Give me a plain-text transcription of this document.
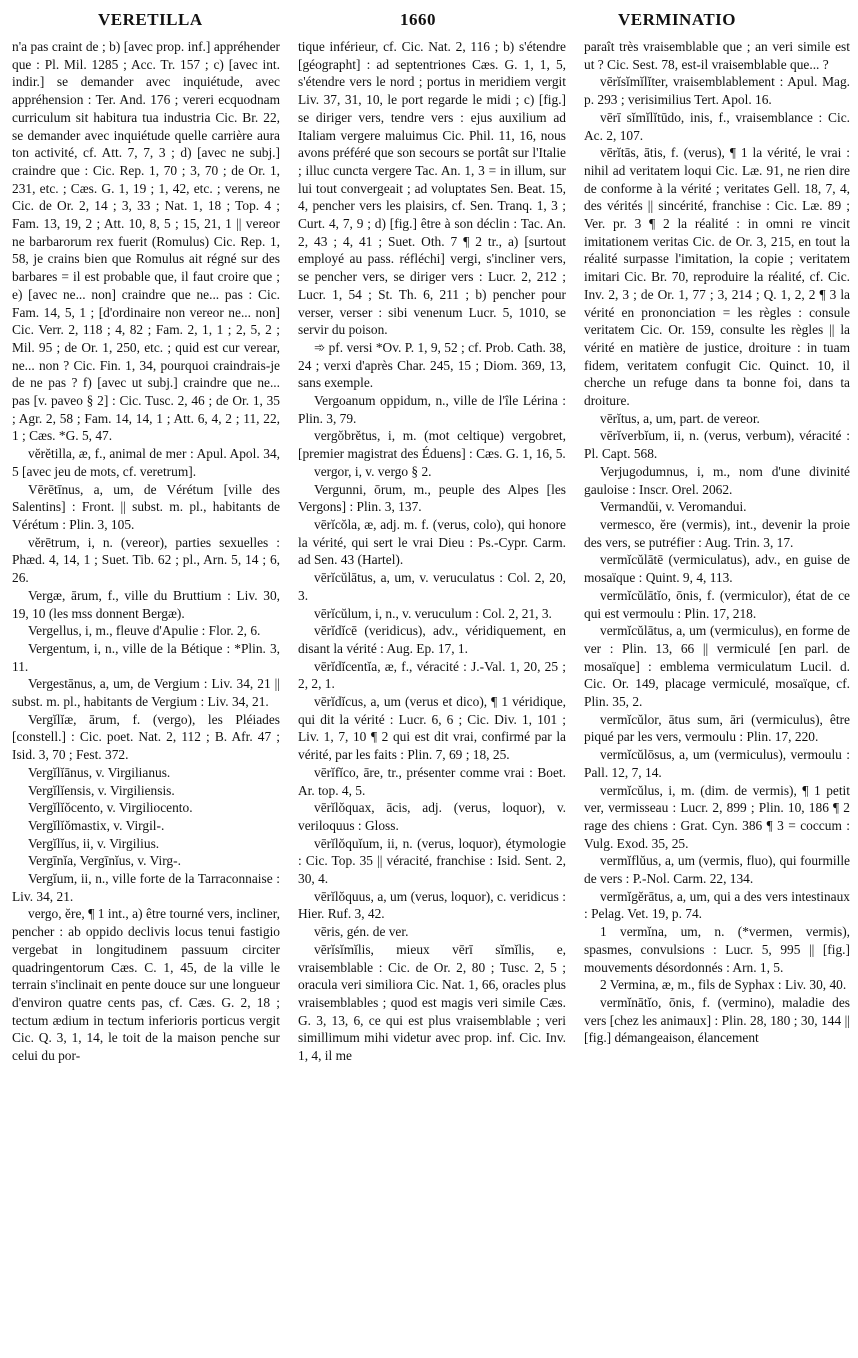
VERETILLA	1660	VERMINATIO

n'a pas craint de ; b) [avec prop. inf.] appréhender que : Pl. Mil. 1285 ; Acc. Tr. 157 ; c) [avec int. indir.] se demander avec inquiétude, avec appréhension : Ter. And. 176 ; vereri ecquodnam curriculum sit habitura tua industria Cic. Br. 22, se demander avec inquiétude quelle carrière aura ton activité, cf. Att. 7, 7, 3 ; d) [avec ne subj.] craindre que : Cic. Rep. 1, 70 ; 3, 70 ; de Or. 1, 231, etc. ; Cæs. G. 1, 19 ; 1, 42, etc. ; verens, ne Cic. de Or. 2, 14 ; 3, 33 ; Nat. 1, 18 ; Top. 4 ; Fam. 13, 19, 2 ; Att. 10, 8, 5 ; 15, 21, 1 || vereor ne barbarorum rex fuerit (Romulus) Cic. Rep. 1, 58, je crains bien que Romulus ait régné sur des barbares = il est probable que, il faut croire que ; e) [avec ne... non] craindre que ne... pas : Cic. Fam. 14, 5, 1 ; [d'ordinaire non vereor ne... non] Cic. Verr. 2, 118 ; 4, 82 ; Fam. 2, 1, 1 ; 2, 5, 2 ; Mil. 95 ; de Or. 1, 250, etc. ; quid est cur verear, ne... non ? Cic. Fin. 1, 34, pourquoi craindrais-je de ne pas ? f) [avec ut subj.] craindre que ne... pas [v. paveo § 2] : Cic. Tusc. 2, 46 ; de Or. 1, 35 ; Agr. 2, 58 ; Fam. 14, 14, 1 ; Att. 6, 4, 2 ; 11, 22, 1 ; Cæs. *G. 5, 47.

vĕrĕtilla, æ, f., animal de mer : Apul. Apol. 34, 5 [avec jeu de mots, cf. veretrum].

Vērētīnus, a, um, de Vérétum [ville des Salentins] : Front. || subst. m. pl., habitants de Vérétum : Plin. 3, 105.

vĕrētrum, i, n. (vereor), parties sexuelles : Phæd. 4, 14, 1 ; Suet. Tib. 62 ; pl., Arn. 5, 14 ; 6, 26.

Vergæ, ārum, f., ville du Bruttium : Liv. 30, 19, 10 (les mss donnent Bergæ).

Vergellus, i, m., fleuve d'Apulie : Flor. 2, 6.

Vergentum, i, n., ville de la Bétique : *Plin. 3, 11.

Vergestānus, a, um, de Vergium : Liv. 34, 21 || subst. m. pl., habitants de Vergium : Liv. 34, 21.

Vergĭlĭæ, ārum, f. (vergo), les Pléiades [constell.] : Cic. poet. Nat. 2, 112 ; B. Afr. 47 ; Isid. 3, 70 ; Fest. 372.

Vergĭlĭānus, v. Virgilianus.

Vergĭlĭensis, v. Virgiliensis.

Vergĭlĭŏcento, v. Virgiliocento.

Vergĭlĭŏmastix, v. Virgil-.

Vergĭlĭus, ii, v. Virgilius.

Vergīnĭa, Vergīnĭus, v. Virg-.

Vergĭum, ii, n., ville forte de la Tarraconnaise : Liv. 34, 21.

vergo, ĕre, ¶ 1 int., a) être tourné vers, incliner, pencher : ab oppido declivis locus tenui fastigio vergebat in longitudinem passuum circiter quadringentorum Cæs. C. 1, 45, de la ville le terrain s'inclinait en pente douce sur une longueur d'environ quatre cents pas, cf. Cæs. G. 2, 18 ; tectum ædium in tectum inferioris porticus vergit Cic. Q. 3, 1, 14, le toit de la maison penche sur celui du por-

tique inférieur, cf. Cic. Nat. 2, 116 ; b) s'étendre [géographt] : ad septentriones Cæs. G. 1, 1, 5, s'étendre vers le nord ; portus in meridiem vergit Liv. 37, 31, 10, le port regarde le midi ; c) [fig.] se diriger vers, tendre vers : ejus auxilium ad Italiam vergere maluimus Cic. Phil. 11, 16, nous avons préféré que son secours se portât sur l'Italie ; illuc cuncta vergere Tac. An. 1, 3 = in illum, sur lui tout convergeait ; ad voluptates Sen. Beat. 15, 4, pencher vers les plaisirs, cf. Sen. Tranq. 1, 3 ; Curt. 4, 7, 9 ; d) [fig.] être à son déclin : Tac. An. 2, 43 ; 4, 41 ; Suet. Oth. 7 ¶ 2 tr., a) [surtout employé au pass. réfléchi] vergi, s'incliner vers, se pencher vers, se diriger vers : Lucr. 2, 212 ; Lucr. 1, 54 ; St. Th. 6, 211 ; b) pencher pour verser, verser : sibi venenum Lucr. 5, 1010, se servir du poison.

➾ pf. versi *Ov. P. 1, 9, 52 ; cf. Prob. Cath. 38, 24 ; verxi d'après Char. 245, 15 ; Diom. 369, 13, sans exemple.

Vergoanum oppidum, n., ville de l'île Lérina : Plin. 3, 79.

vergŏbrĕtus, i, m. (mot celtique) vergobret, [premier magistrat des Éduens] : Cæs. G. 1, 16, 5.

vergor, i, v. vergo § 2.

Vergunni, ōrum, m., peuple des Alpes [les Vergons] : Plin. 3, 137.

vērĭcŏla, æ, adj. m. f. (verus, colo), qui honore la vérité, qui sert le vrai Dieu : Ps.-Cypr. Carm. ad Sen. 43 (Hartel).

vērĭcŭlātus, a, um, v. veruculatus : Col. 2, 20, 3.

vērĭcŭlum, i, n., v. veruculum : Col. 2, 21, 3.

vērĭdĭcē (veridicus), adv., véridiquement, en disant la vérité : Aug. Ep. 17, 1.

vērĭdĭcentĭa, æ, f., véracité : J.-Val. 1, 20, 25 ; 2, 2, 1.

vērĭdĭcus, a, um (verus et dico), ¶ 1 véridique, qui dit la vérité : Lucr. 6, 6 ; Cic. Div. 1, 101 ; Liv. 1, 7, 10 ¶ 2 qui est dit vrai, confirmé par la vérité, par les faits : Plin. 7, 69 ; 18, 25.

vērĭfĭco, āre, tr., présenter comme vrai : Boet. Ar. top. 4, 5.

vērĭlŏquax, ācis, adj. (verus, loquor), v. veriloquus : Gloss.

vērĭlŏquĭum, ii, n. (verus, loquor), étymologie : Cic. Top. 35 || véracité, franchise : Isid. Sent. 2, 30, 4.

vērĭlŏquus, a, um (verus, loquor), c. veridicus : Hier. Ruf. 3, 42.

vēris, gén. de ver.

vērĭsĭmĭlis, mieux vērī sĭmĭlis, e, vraisemblable : Cic. de Or. 2, 80 ; Tusc. 2, 5 ; oracula veri similiora Cic. Nat. 1, 66, oracles plus vraisemblables ; quod est magis veri simile Cæs. G. 3, 13, 6, ce qui est plus vraisemblable ; veri simillimum mihi videtur avec prop. inf. Cic. Inv. 1, 4, il me

paraît très vraisemblable que ; an veri simile est ut ? Cic. Sest. 78, est-il vraisemblable que... ?

vērĭsĭmĭlĭter, vraisemblablement : Apul. Mag. p. 293 ; verisimilius Tert. Apol. 16.

vērī sĭmĭlĭtūdo, inis, f., vraisemblance : Cic. Ac. 2, 107.

vērĭtās, ātis, f. (verus), ¶ 1 la vérité, le vrai : nihil ad veritatem loqui Cic. Læ. 91, ne rien dire de conforme à la vérité ; veritates Gell. 18, 7, 4, des vérités || sincérité, franchise : Cic. Læ. 89 ; Ver. pr. 3 ¶ 2 la réalité : in omni re vincit imitationem veritas Cic. de Or. 3, 215, en tout la réalité surpasse l'imitation, la copie ; veritatem imitari Cic. Br. 70, reproduire la réalité, cf. Cic. Inv. 2, 3 ; de Or. 1, 77 ; 3, 214 ; Q. 1, 2, 2 ¶ 3 la vérité en prononciation = les règles : consule veritatem Cic. Or. 159, consulte les règles || la vérité en matière de justice, droiture : in tuam fidem, veritatem confugit Cic. Quinct. 10, il cherche un refuge dans ta bonne foi, dans ta droiture.

vērĭtus, a, um, part. de vereor.

vērĭverbĭum, ii, n. (verus, verbum), véracité : Pl. Capt. 568.

Verjugodumnus, i, m., nom d'une divinité gauloise : Inscr. Orel. 2062.

Vermandŭi, v. Veromandui.

vermesco, ĕre (vermis), int., devenir la proie des vers, se putréfier : Aug. Trin. 3, 17.

vermĭcŭlātē (vermiculatus), adv., en guise de mosaïque : Quint. 9, 4, 113.

vermĭcŭlātĭo, ōnis, f. (vermiculor), état de ce qui est vermoulu : Plin. 17, 218.

vermĭcŭlātus, a, um (vermiculus), en forme de ver : Plin. 13, 66 || vermiculé [en parl. de mosaïque] : emblema vermiculatum Lucil. d. Cic. Or. 149, placage vermiculé, mosaïque, cf. Plin. 35, 2.

vermĭcŭlor, ātus sum, āri (vermiculus), être piqué par les vers, vermoulu : Plin. 17, 220.

vermĭcŭlōsus, a, um (vermiculus), vermoulu : Pall. 12, 7, 14.

vermĭcŭlus, i, m. (dim. de vermis), ¶ 1 petit ver, vermisseau : Lucr. 2, 899 ; Plin. 10, 186 ¶ 2 rage des chiens : Grat. Cyn. 386 ¶ 3 = coccum : Vulg. Exod. 35, 25.

vermĭflŭus, a, um (vermis, fluo), qui fourmille de vers : P.-Nol. Carm. 22, 134.

vermĭgĕrātus, a, um, qui a des vers intestinaux : Pelag. Vet. 19, p. 74.

1 vermĭna, um, n. (*vermen, vermis), spasmes, convulsions : Lucr. 5, 995 || [fig.] mouvements désordonnés : Arn. 1, 5.

2 Vermina, æ, m., fils de Syphax : Liv. 30, 40.

vermĭnātĭo, ōnis, f. (vermino), maladie des vers [chez les animaux] : Plin. 28, 180 ; 30, 144 || [fig.] démangeaison, élancement
